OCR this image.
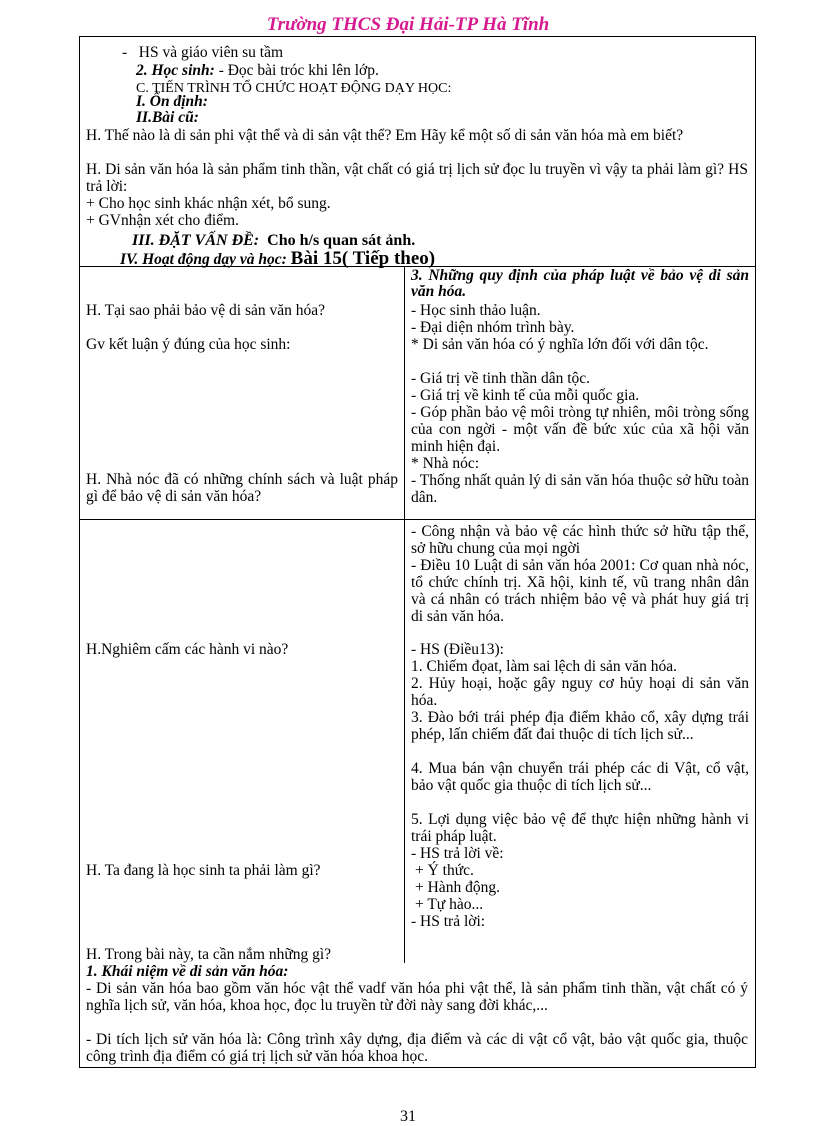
Trường THCS Đại Hải-TP Hà Tĩnh
-   HS và giáo viên su tầm
2. Học sinh: - Đọc bài tróc khi lên lớp.
C. TIẾN TRÌNH TỔ CHỨC HOẠT ĐỘNG DẠY HỌC:
I. Ổn định:
II.Bài cũ:
H. Thế nào là di sản phi vật thể và di sản vật thể? Em Hãy kể một số di sản văn hóa mà em biết?
H. Di sản văn hóa là sản phẩm tinh thần, vật chất có giá trị lịch sử đọc lu truyền vì vậy ta phải làm gì? HS trả lời:
+ Cho học sinh khác nhận xét, bổ sung.
+ GVnhận xét cho điểm.
III. ĐẶT VẤN ĐỀ: Cho h/s quan sát ảnh.
IV. Hoạt động dạy và học: Bài 15( Tiếp theo)
H. Tại sao phải bảo vệ di sản văn hóa?
Gv kết luận ý đúng của học sinh:
H. Nhà nóc đã có những chính sách và luật pháp gì để bảo vệ di sản văn hóa?
H.Nghiêm cấm các hành vi nào?
H. Ta đang là học sinh ta phải làm gì?
H. Trong bài này, ta cần nắm những gì?
3. Những quy định của pháp luật về bảo vệ di sản văn hóa.
- Học sinh thảo luận.
- Đại diện nhóm trình bày.
* Di sản văn hóa có ý nghĩa lớn đối với dân tộc.
- Giá trị về tinh thần dân tộc.
- Giá trị về kinh tế của mỗi quốc gia.
- Góp phần bảo vệ môi tròng tự nhiên, môi tròng sống của con ngời - một vấn đề bức xúc của xã hội văn minh hiện đại.
* Nhà nóc:
- Thống nhất quản lý di sản văn hóa thuộc sở hữu toàn dân.
- Công nhận và bảo vệ các hình thức sở hữu tập thể, sở hữu chung của mọi ngời
- Điều 10 Luật di sản văn hóa 2001: Cơ quan nhà nóc, tổ chức chính trị. Xã hội, kinh tế, vũ trang nhân dân và cá nhân có trách nhiệm bảo vệ và phát huy giá trị di sản văn hóa.
- HS (Điều13):
1. Chiếm đọat, làm sai lệch di sản văn hóa.
2. Hủy hoại, hoặc gây nguy cơ hủy hoại di sản văn hóa.
3. Đào bới trái phép địa điểm khảo cổ, xây dựng trái phép, lấn chiếm đất đai thuộc di tích lịch sử...
4. Mua bán vận chuyển trái phép các di Vật, cổ vật, bảo vật quốc gia thuộc di tích lịch sử...
5. Lợi dụng việc bảo vệ để thực hiện những hành vi trái pháp luật.
- HS trả lời về:
+ Ý thức.
+ Hành động.
+ Tự hào...
- HS trả lời:
1. Khái niệm về di sản văn hóa:
- Di sản văn hóa bao gồm văn hóc vật thể vadf văn hóa phi vật thể, là sản phẩm tinh thần, vật chất có ý nghĩa lịch sử, văn hóa, khoa học, đọc lu truyền từ đời này sang đời khác,...
- Di tích lịch sử văn hóa là: Công trình xây dựng, địa điểm và các di vật cổ vật, bảo vật quốc gia, thuộc công trình địa điểm có giá trị lịch sử văn hóa khoa học.
31
